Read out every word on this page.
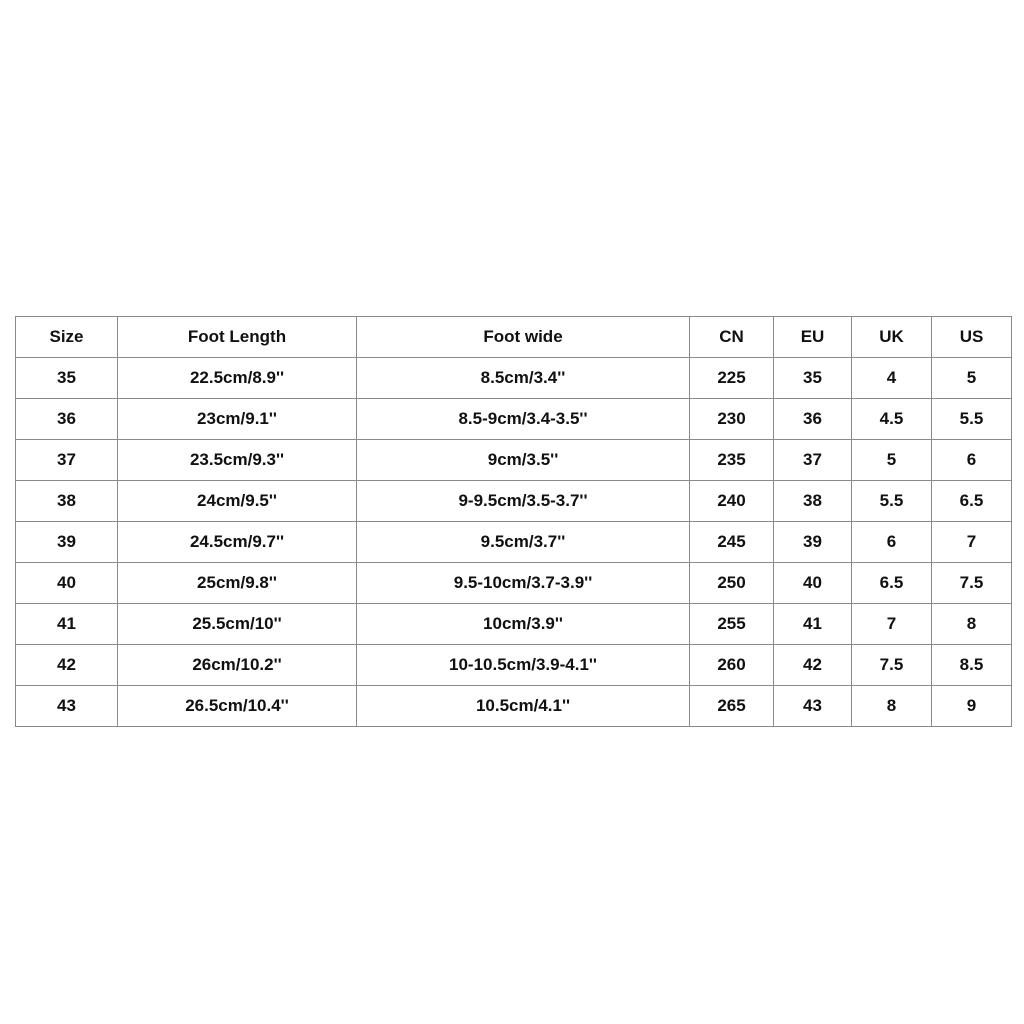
Size	Foot Length	Foot wide	CN	EU	UK	US
35	22.5cm/8.9''	8.5cm/3.4''	225	35	4	5
36	23cm/9.1''	8.5-9cm/3.4-3.5''	230	36	4.5	5.5
37	23.5cm/9.3''	9cm/3.5''	235	37	5	6
38	24cm/9.5''	9-9.5cm/3.5-3.7''	240	38	5.5	6.5
39	24.5cm/9.7''	9.5cm/3.7''	245	39	6	7
40	25cm/9.8''	9.5-10cm/3.7-3.9''	250	40	6.5	7.5
41	25.5cm/10''	10cm/3.9''	255	41	7	8
42	26cm/10.2''	10-10.5cm/3.9-4.1''	260	42	7.5	8.5
43	26.5cm/10.4''	10.5cm/4.1''	265	43	8	9
